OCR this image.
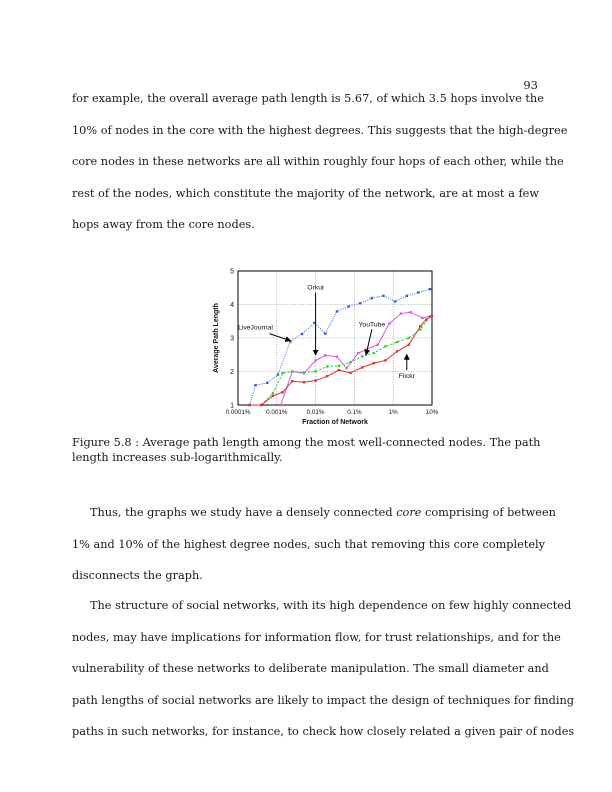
93

for example, the overall average path length is 5.67, of which 3.5 hops involve the
10% of nodes in the core with the highest degrees. This suggests that the high-degree
core nodes in these networks are all within roughly four hops of each other, while the
rest of the nodes, which constitute the majority of the network, are at most a few
hops away from the core nodes.

0.0001% 0.001%	0.01%	0.1%	1%	10%
1
2
3
4
5
Orkut
LiveJournal	YouTube
Flickr
Fraction of Network
Average Path Length

Figure 5.8 : Average path length among the most well-connected nodes. The path
length increases sub-logarithmically.

Thus, the graphs we study have a densely connected core comprising of between
1% and 10% of the highest degree nodes, such that removing this core completely
disconnects the graph.

The structure of social networks, with its high dependence on few highly connected
nodes, may have implications for information flow, for trust relationships, and for the
vulnerability of these networks to deliberate manipulation. The small diameter and
path lengths of social networks are likely to impact the design of techniques for finding
paths in such networks, for instance, to check how closely related a given pair of nodes
